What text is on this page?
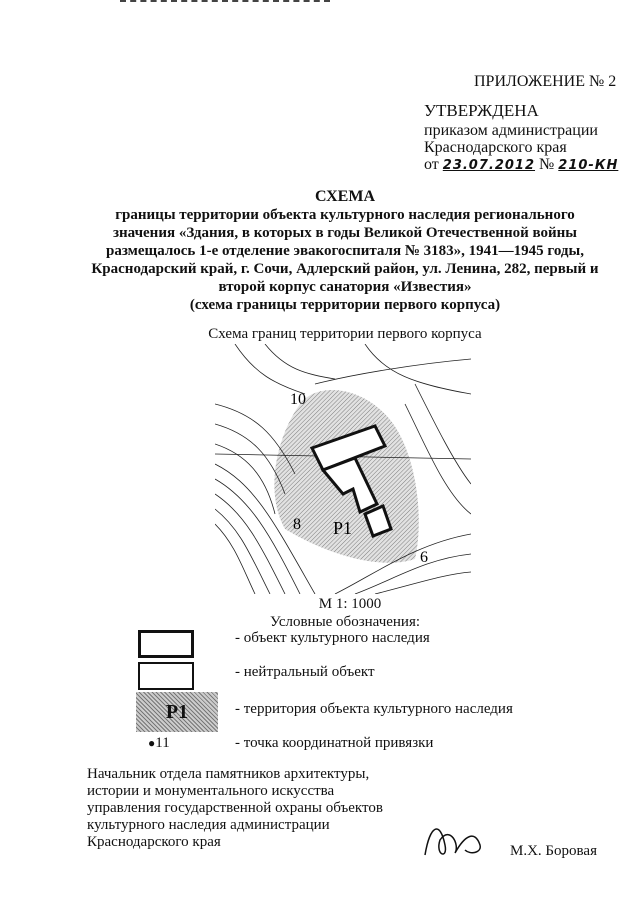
ПРИЛОЖЕНИЕ № 2
УТВЕРЖДЕНА
приказом администрации
Краснодарского края
от 23.07.2012 № 210-КН
СХЕМА
границы территории объекта культурного наследия регионального
значения «Здания, в которых в годы Великой Отечественной войны
размещалось 1-е отделение эвакогоспиталя № 3183», 1941—1945 годы,
Краснодарский край, г. Сочи, Адлерский район, ул. Ленина, 282, первый и
второй корпус санатория «Известия»
(схема границы территории первого корпуса)
Схема границ территории первого корпуса
10
8 P1
6
М 1: 1000
Условные обозначения:
- объект культурного наследия
- нейтральный объект
P1	- территория объекта культурного наследия
●11	- точка координатной привязки
Начальник отдела памятников архитектуры,
истории и монументального искусства
управления государственной охраны объектов
культурного наследия администрации
Краснодарского края
М.Х. Боровая
